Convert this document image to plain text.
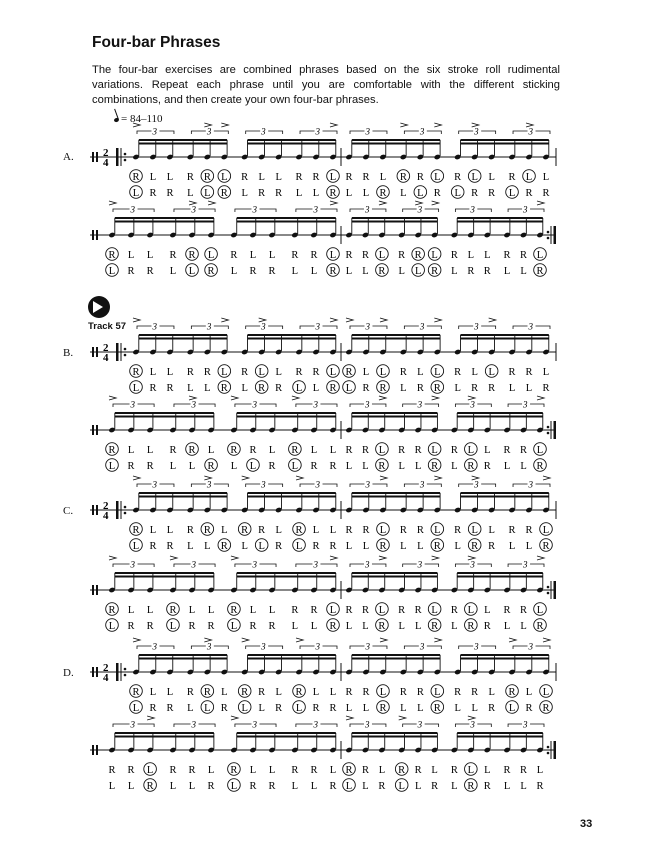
Four-bar Phrases
The four-bar exercises are combined phrases based on the six stroke roll rudimental variations. Repeat each phrase until you are comfortable with the different sticking combinations, and then create your own four-bar phrases.
= 84–110
A.
B.
C.
D.
Track 57
33
2
4
3	3	3	3	3	3	3	3
R L L R R L R L L R R L R R L R R L R L L R L L
L R R L L R L R R L L R L L R L L R L R R L R R
3	3	3	3	3	3	3	3
R L L R R L R L L R R L R R L R R L R L L R R L
L R R L L R L R R L L R L L R L L R L R R L L R
2
4
3	3	3	3	3	3	3	3
R L L R R L R L L R R L R L L R L L R L L R R L
L R R L L R L R R L L R L R R L R R L R R L L R
3	3	3	3	3	3	3	3
R L L R R L R R L R L L R R L R R L R L L R R L
L R R L L R L L R L R R L L R L L R L R R L L R
2
4
3	3	3	3	3	3	3	3
R L L R R L R R L R L L R R L R R L R L L R R L
L R R L L R L L R L R R L L R L L R L R R L L R
3	3	3	3	3	3	3	3
R L L R L L R L L R R L R R L R R L R L L R R L
L R R L R R L R R L L R L L R L L R L R R L L R
2
4
3	3	3	3	3	3	3	3
R L L R R L R R L R L L R R L R R L R R L R L L
L R R L L R L L R L R R L L R L L R L L R L R R
3	3	3	3	3	3	3	3
R R L R R L R L L R R L R R L R R L R L L R R L
L L R L L R L R R L L R L L R L L R L R R L L R
